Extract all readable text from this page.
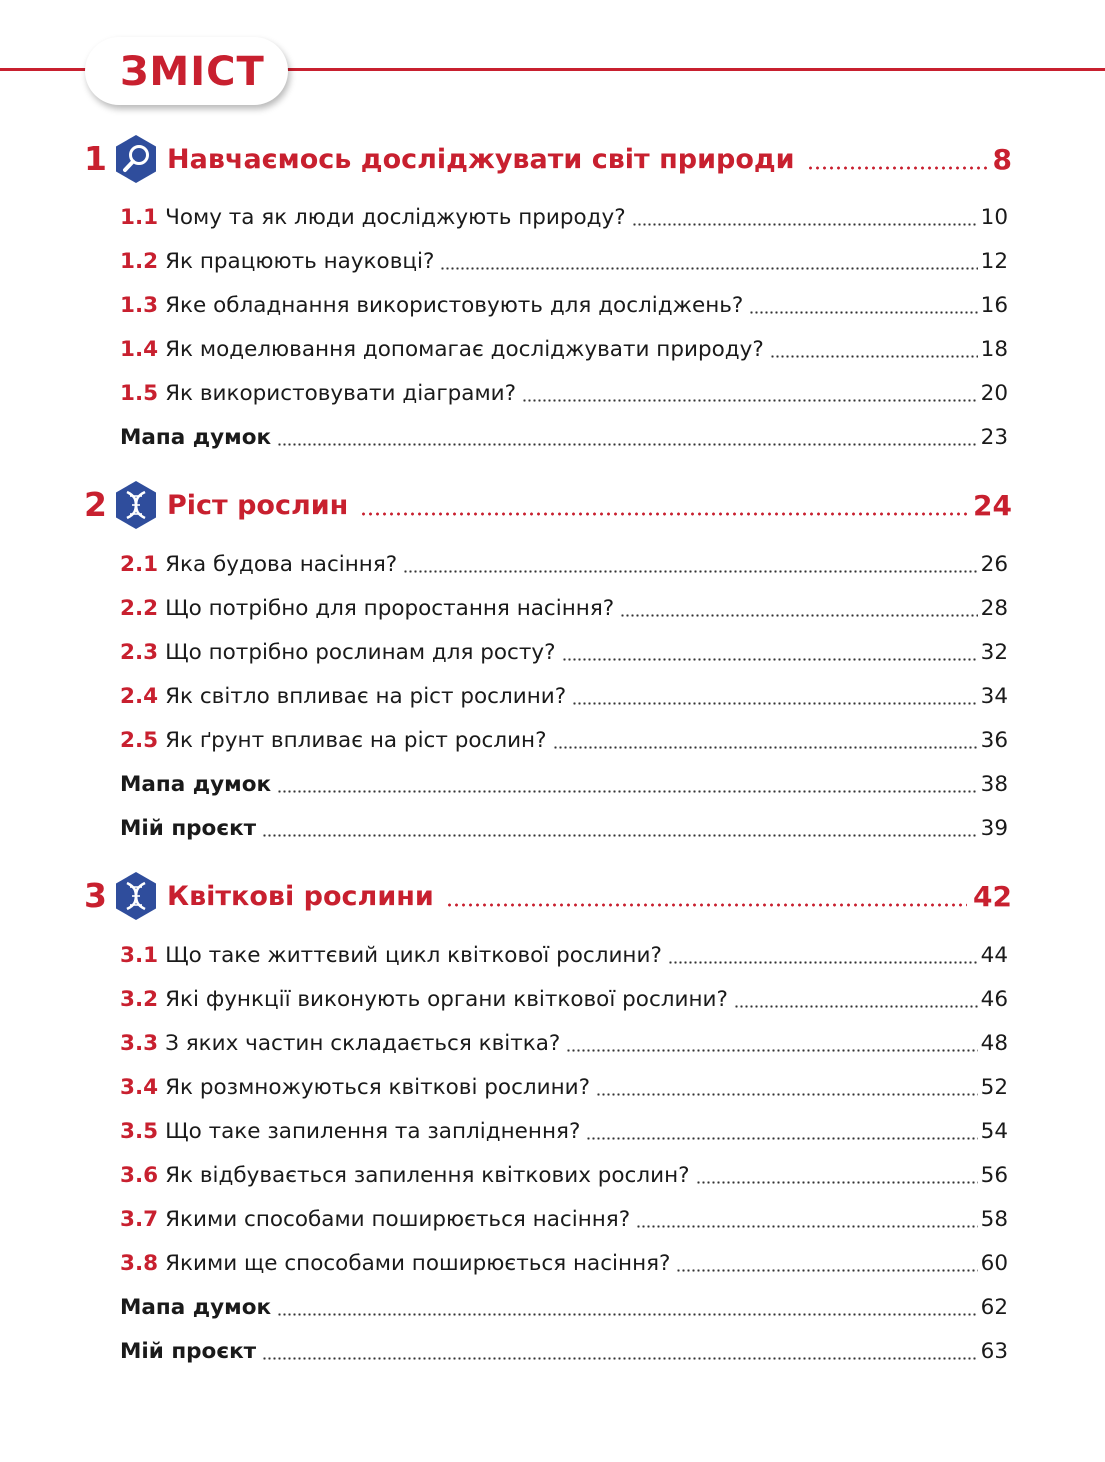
ЗМІСТ
1 Навчаємось досліджувати світ природи	8
1.1 Чому та як люди досліджують природу?	10
1.2 Як працюють науковці?	12
1.3 Яке обладнання використовують для досліджень?	16
1.4 Як моделювання допомагає досліджувати природу?	18
1.5 Як використовувати діаграми?	20
Мапа думок	23
2 Ріст рослин	24
2.1 Яка будова насіння?	26
2.2 Що потрібно для проростання насіння?	28
2.3 Що потрібно рослинам для росту?	32
2.4 Як світло впливає на ріст рослини?	34
2.5 Як ґрунт впливає на ріст рослин?	36
Мапа думок	38
Мій проєкт	39
3 Квіткові рослини	42
3.1 Що таке життєвий цикл квіткової рослини?	44
3.2 Які функції виконують органи квіткової рослини?	46
3.3 З яких частин складається квітка?	48
3.4 Як розмножуються квіткові рослини?	52
3.5 Що таке запилення та запліднення?	54
3.6 Як відбувається запилення квіткових рослин?	56
3.7 Якими способами поширюється насіння?	58
3.8 Якими ще способами поширюється насіння?	60
Мапа думок	62
Мій проєкт	63
